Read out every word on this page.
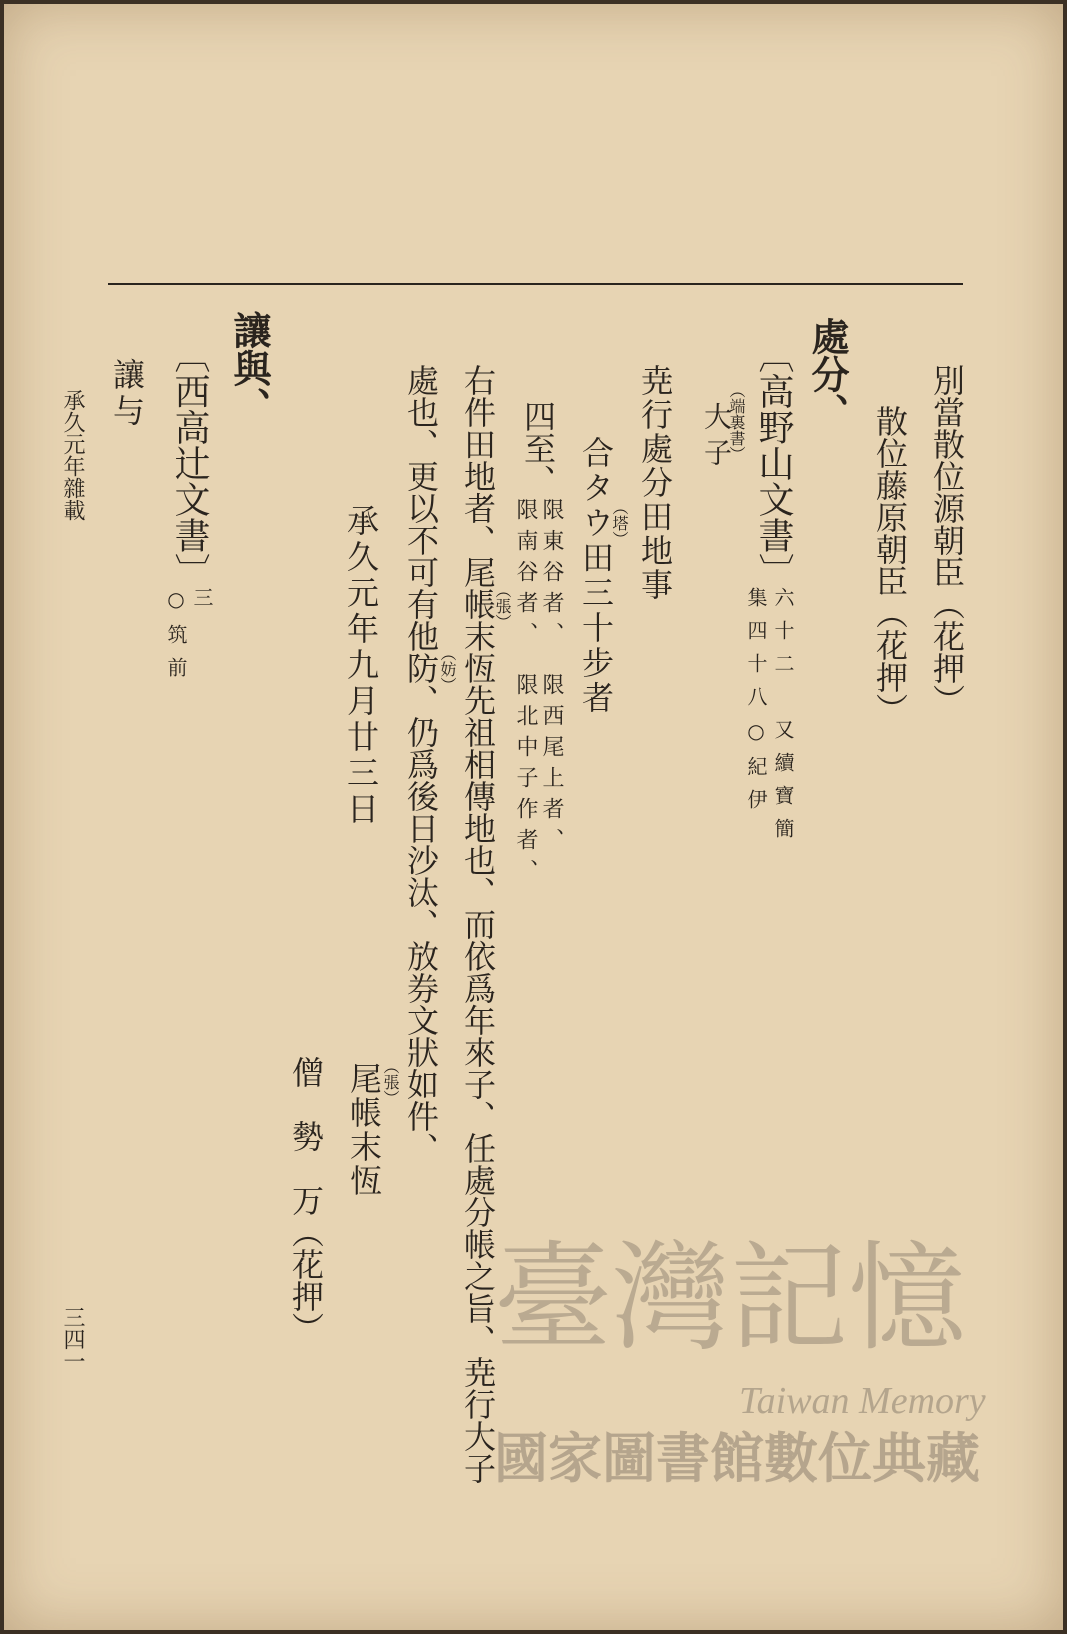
別當散位源朝臣（花押）
散位藤原朝臣（花押）
處分、
〔高野山文書〕
六十二　又續寶簡
集四十八○紀伊
（端裏書）
大子
尭行處分田地事
合タウ田三十步者
（塔）
四至、
限東谷者、　限西尾上者、
限南谷者、　限北中子作者、
右件田地者、尾帳末恆先祖相傳地也、而依爲年來子、任處分帳之旨、尭行大子
（張）
處也、更以不可有他防、仍爲後日沙汰、放券文狀如件、
（妨）
承久元年九月廿三日
尾帳末恆
（張）
僧　勢　万（花押）
讓與、
〔西高辻文書〕
三
○筑前
讓与
承久元年雜載
三四一	臺灣記憶
Taiwan Memory
國家圖書館數位典藏
